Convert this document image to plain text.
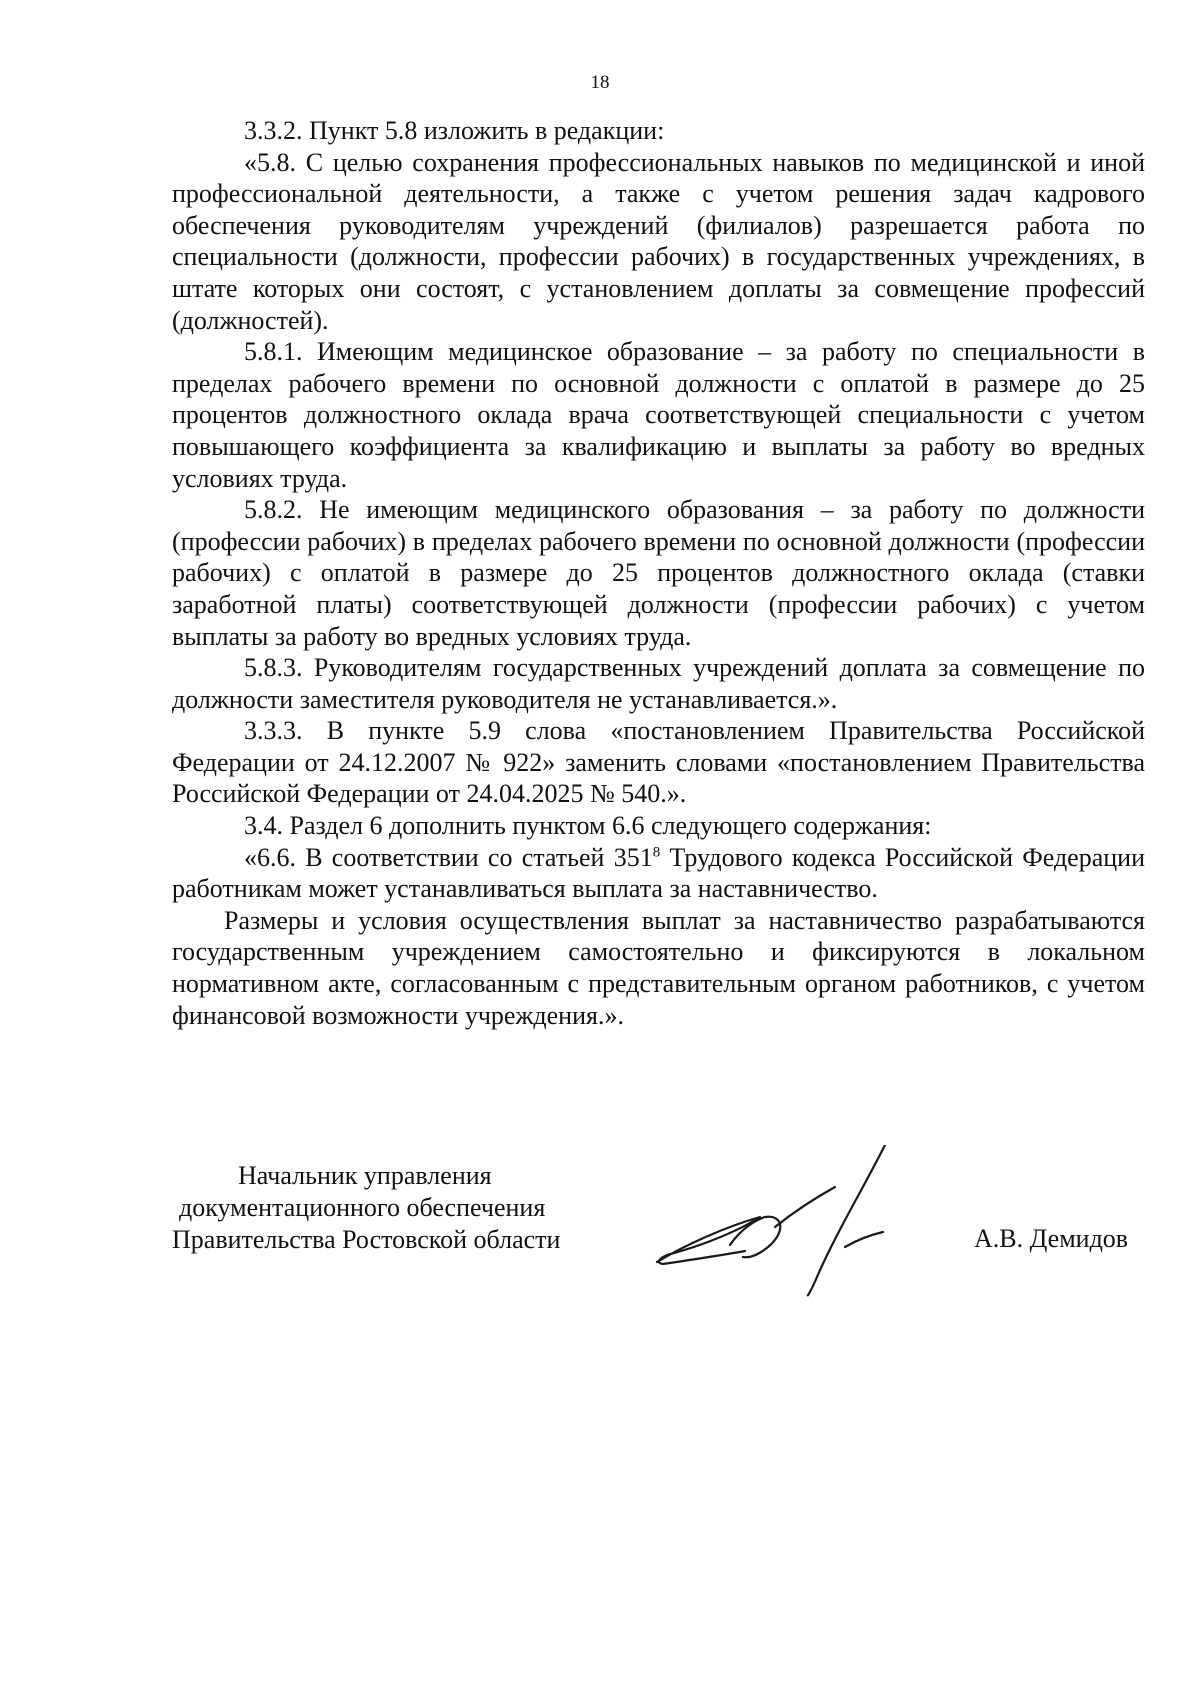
18

3.3.2. Пункт 5.8 изложить в редакции:

«5.8. С целью сохранения профессиональных навыков по медицинской и иной профессиональной деятельности, а также с учетом решения задач кадрового обеспечения руководителям учреждений (филиалов) разрешается работа по специальности (должности, профессии рабочих) в государственных учреждениях, в штате которых они состоят, с установлением доплаты за совмещение профессий (должностей).

5.8.1. Имеющим медицинское образование – за работу по специальности в пределах рабочего времени по основной должности с оплатой в размере до 25 процентов должностного оклада врача соответствующей специальности с учетом повышающего коэффициента за квалификацию и выплаты за работу во вредных условиях труда.

5.8.2. Не имеющим медицинского образования – за работу по должности (профессии рабочих) в пределах рабочего времени по основной должности (профессии рабочих) с оплатой в размере до 25 процентов должностного оклада (ставки заработной платы) соответствующей должности (профессии рабочих) с учетом выплаты за работу во вредных условиях труда.

5.8.3. Руководителям государственных учреждений доплата за совмещение по должности заместителя руководителя не устанавливается.».

3.3.3. В пункте 5.9 слова «постановлением Правительства Российской Федерации от 24.12.2007 № 922» заменить словами «постановлением Правительства Российской Федерации от 24.04.2025 № 540.».

3.4. Раздел 6 дополнить пунктом 6.6 следующего содержания:

«6.6. В соответствии со статьей $351^8$ Трудового кодекса Российской Федерации работникам может устанавливаться выплата за наставничество.

Размеры и условия осуществления выплат за наставничество разрабатываются государственным учреждением самостоятельно и фиксируются в локальном нормативном акте, согласованным с представительным органом работников, с учетом финансовой возможности учреждения.».

Начальник управления
документационного обеспечения
Правительства Ростовской области	А.В. Демидов
